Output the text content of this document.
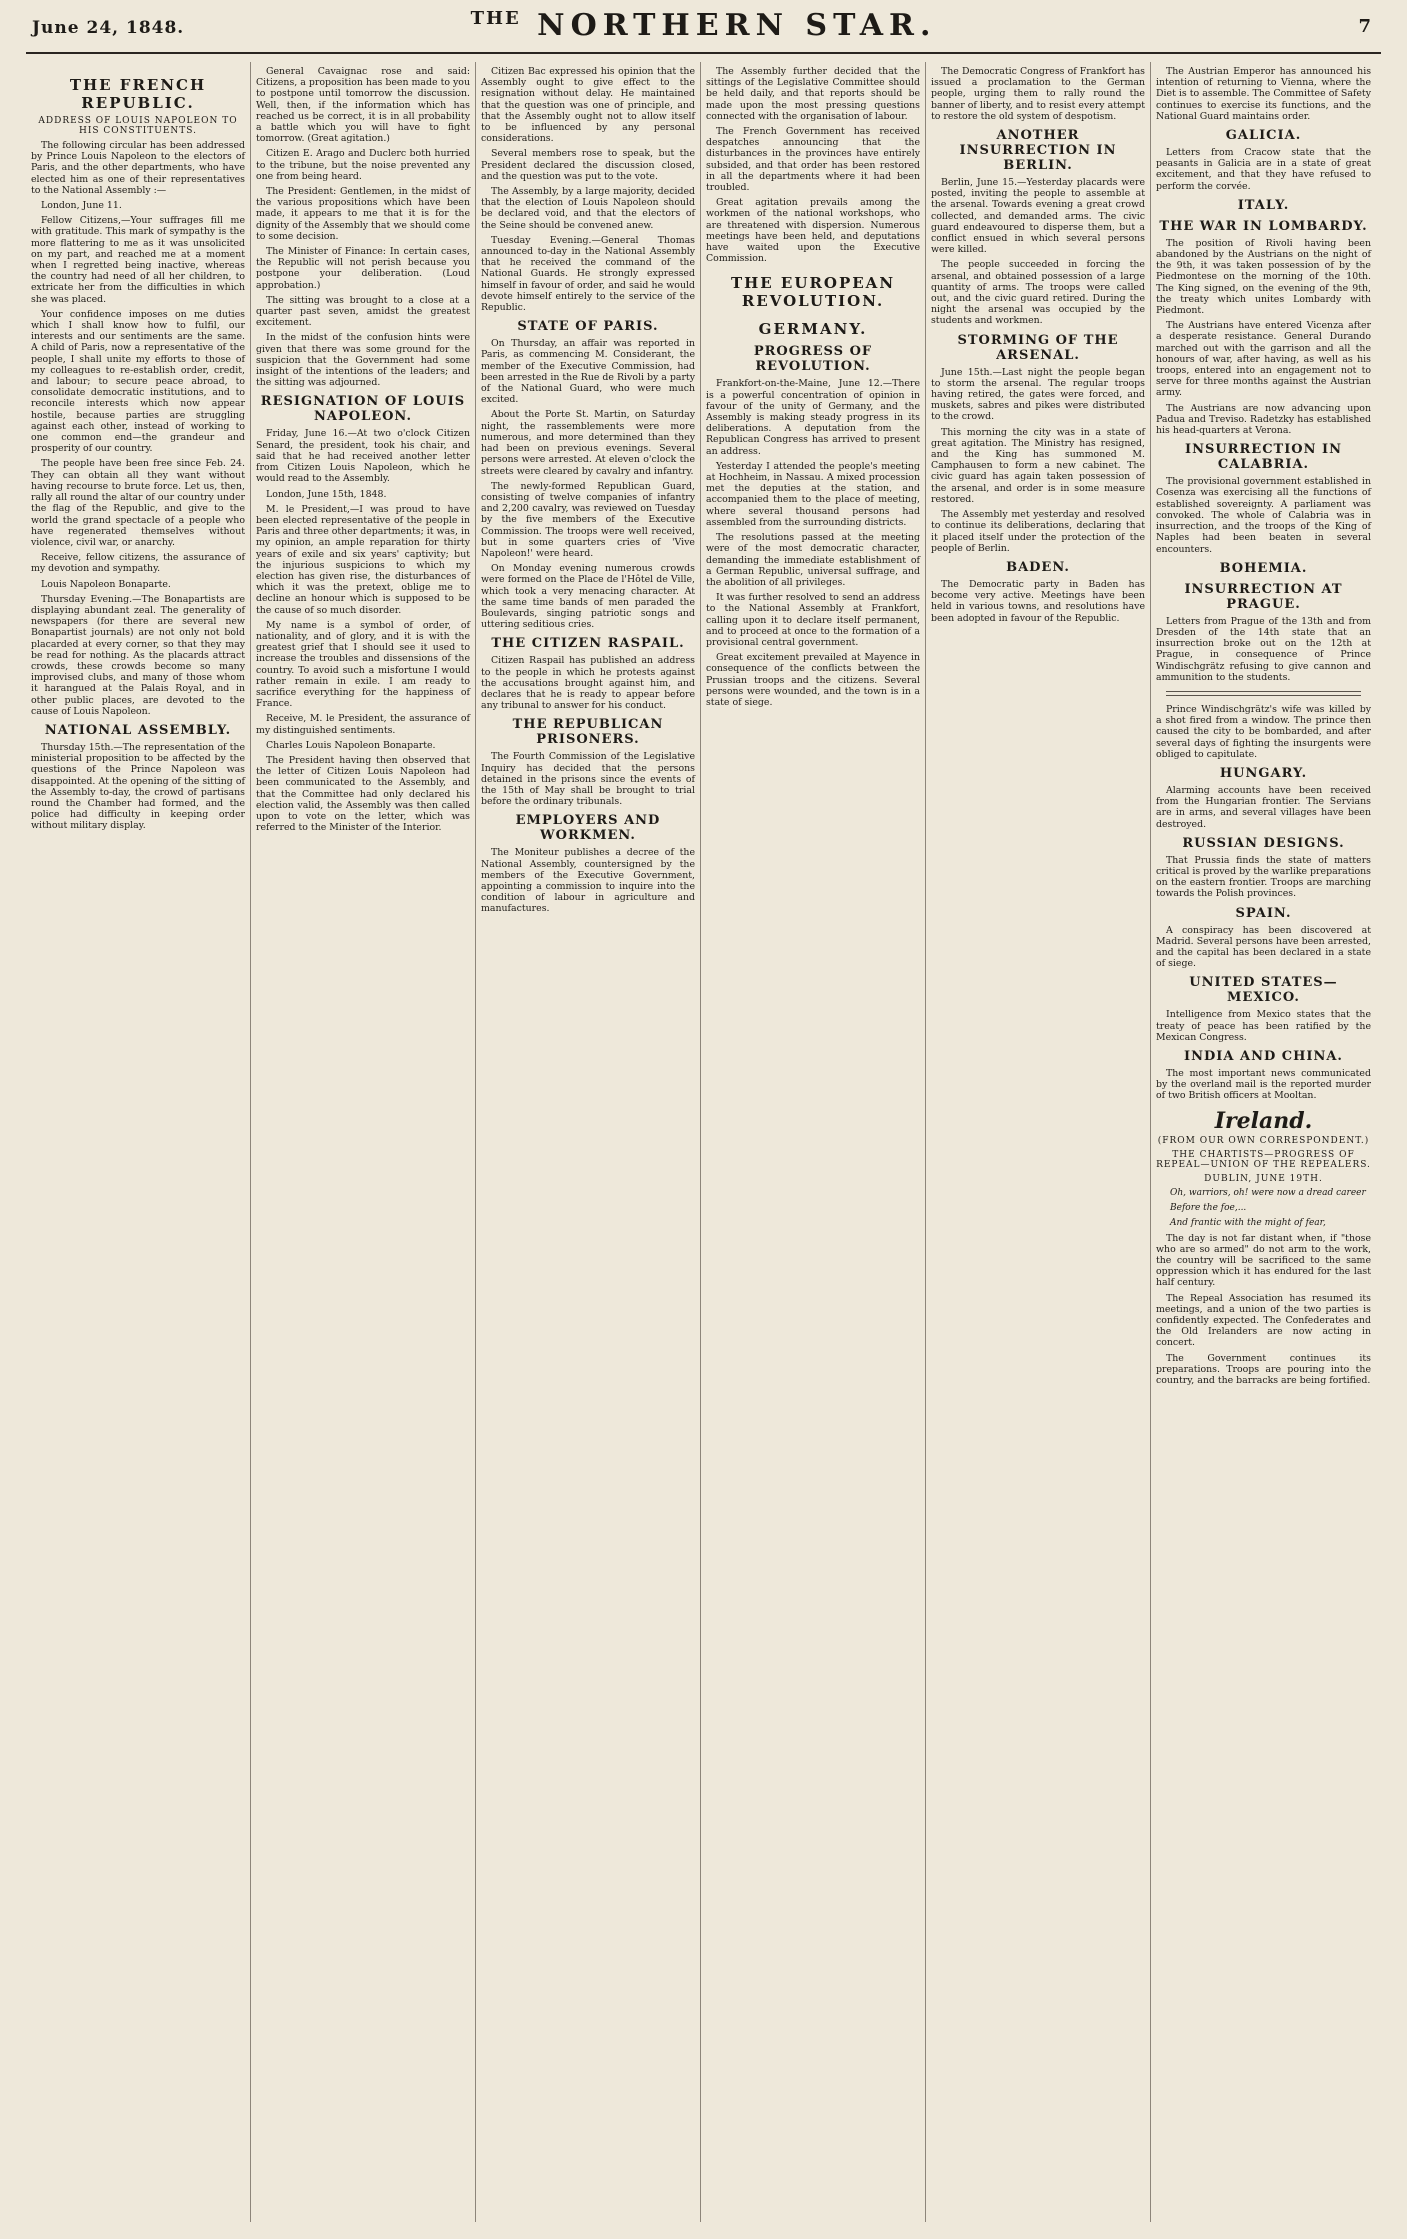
June 24, 1848.	$^{THE}$ NORTHERN STAR.	7
THE FRENCH REPUBLIC.
ADDRESS OF LOUIS NAPOLEON TO HIS CONSTITUENTS.

The following circular has been addressed by Prince Louis Napoleon to the electors of Paris, and the other departments, who have elected him as one of their representatives to the National Assembly :—

London, June 11.

Fellow Citizens,—Your suffrages fill me with gratitude. This mark of sympathy is the more flattering to me as it was unsolicited on my part, and reached me at a moment when I regretted being inactive, whereas the country had need of all her children, to extricate her from the difficulties in which she was placed.

Your confidence imposes on me duties which I shall know how to fulfil, our interests and our sentiments are the same. A child of Paris, now a representative of the people, I shall unite my efforts to those of my colleagues to re-establish order, credit, and labour; to secure peace abroad, to consolidate democratic institutions, and to reconcile interests which now appear hostile, because parties are struggling against each other, instead of working to one common end—the grandeur and prosperity of our country.

The people have been free since Feb. 24. They can obtain all they want without having recourse to brute force. Let us, then, rally all round the altar of our country under the flag of the Republic, and give to the world the grand spectacle of a people who have regenerated themselves without violence, civil war, or anarchy.

Receive, fellow citizens, the assurance of my devotion and sympathy.

Louis Napoleon Bonaparte.

Thursday Evening.—The Bonapartists are displaying abundant zeal. The generality of newspapers (for there are several new Bonapartist journals) are not only not bold placarded at every corner, so that they may be read for nothing. As the placards attract crowds, these crowds become so many improvised clubs, and many of those whom it harangued at the Palais Royal, and in other public places, are devoted to the cause of Louis Napoleon.

NATIONAL ASSEMBLY.

Thursday 15th.—The representation of the ministerial proposition to be affected by the questions of the Prince Napoleon was disappointed. At the opening of the sitting of the Assembly to-day, the crowd of partisans round the Chamber had formed, and the police had difficulty in keeping order without military display.

General Cavaignac rose and said: Citizens, a proposition has been made to you to postpone until tomorrow the discussion. Well, then, if the information which has reached us be correct, it is in all probability a battle which you will have to fight tomorrow. (Great agitation.)

Citizen E. Arago and Duclerc both hurried to the tribune, but the noise prevented any one from being heard.

The President: Gentlemen, in the midst of the various propositions which have been made, it appears to me that it is for the dignity of the Assembly that we should come to some decision.

The Minister of Finance: In certain cases, the Republic will not perish because you postpone your deliberation. (Loud approbation.)

The sitting was brought to a close at a quarter past seven, amidst the greatest excitement.

In the midst of the confusion hints were given that there was some ground for the suspicion that the Government had some insight of the intentions of the leaders; and the sitting was adjourned.

RESIGNATION OF LOUIS NAPOLEON.

Friday, June 16.—At two o'clock Citizen Senard, the president, took his chair, and said that he had received another letter from Citizen Louis Napoleon, which he would read to the Assembly.

London, June 15th, 1848.

M. le President,—I was proud to have been elected representative of the people in Paris and three other departments; it was, in my opinion, an ample reparation for thirty years of exile and six years' captivity; but the injurious suspicions to which my election has given rise, the disturbances of which it was the pretext, oblige me to decline an honour which is supposed to be the cause of so much disorder.

My name is a symbol of order, of nationality, and of glory, and it is with the greatest grief that I should see it used to increase the troubles and dissensions of the country. To avoid such a misfortune I would rather remain in exile. I am ready to sacrifice everything for the happiness of France.

Receive, M. le President, the assurance of my distinguished sentiments.

Charles Louis Napoleon Bonaparte.

The President having then observed that the letter of Citizen Louis Napoleon had been communicated to the Assembly, and that the Committee had only declared his election valid, the Assembly was then called upon to vote on the letter, which was referred to the Minister of the Interior.

Citizen Bac expressed his opinion that the Assembly ought to give effect to the resignation without delay. He maintained that the question was one of principle, and that the Assembly ought not to allow itself to be influenced by any personal considerations.

Several members rose to speak, but the President declared the discussion closed, and the question was put to the vote.

The Assembly, by a large majority, decided that the election of Louis Napoleon should be declared void, and that the electors of the Seine should be convened anew.

Tuesday Evening.—General Thomas announced to-day in the National Assembly that he received the command of the National Guards. He strongly expressed himself in favour of order, and said he would devote himself entirely to the service of the Republic.

STATE OF PARIS.

On Thursday, an affair was reported in Paris, as commencing M. Considerant, the member of the Executive Commission, had been arrested in the Rue de Rivoli by a party of the National Guard, who were much excited.

About the Porte St. Martin, on Saturday night, the rassemblements were more numerous, and more determined than they had been on previous evenings. Several persons were arrested. At eleven o'clock the streets were cleared by cavalry and infantry.

The newly-formed Republican Guard, consisting of twelve companies of infantry and 2,200 cavalry, was reviewed on Tuesday by the five members of the Executive Commission. The troops were well received, but in some quarters cries of 'Vive Napoleon!' were heard.

On Monday evening numerous crowds were formed on the Place de l'Hôtel de Ville, which took a very menacing character. At the same time bands of men paraded the Boulevards, singing patriotic songs and uttering seditious cries.

THE CITIZEN RASPAIL.

Citizen Raspail has published an address to the people in which he protests against the accusations brought against him, and declares that he is ready to appear before any tribunal to answer for his conduct.

THE REPUBLICAN PRISONERS.

The Fourth Commission of the Legislative Inquiry has decided that the persons detained in the prisons since the events of the 15th of May shall be brought to trial before the ordinary tribunals.

EMPLOYERS AND WORKMEN.

The Moniteur publishes a decree of the National Assembly, countersigned by the members of the Executive Government, appointing a commission to inquire into the condition of labour in agriculture and manufactures.

The Assembly further decided that the sittings of the Legislative Committee should be held daily, and that reports should be made upon the most pressing questions connected with the organisation of labour.

The French Government has received despatches announcing that the disturbances in the provinces have entirely subsided, and that order has been restored in all the departments where it had been troubled.

Great agitation prevails among the workmen of the national workshops, who are threatened with dispersion. Numerous meetings have been held, and deputations have waited upon the Executive Commission.

THE EUROPEAN REVOLUTION.
GERMANY.
PROGRESS OF REVOLUTION.

Frankfort-on-the-Maine, June 12.—There is a powerful concentration of opinion in favour of the unity of Germany, and the Assembly is making steady progress in its deliberations. A deputation from the Republican Congress has arrived to present an address.

Yesterday I attended the people's meeting at Hochheim, in Nassau. A mixed procession met the deputies at the station, and accompanied them to the place of meeting, where several thousand persons had assembled from the surrounding districts.

The resolutions passed at the meeting were of the most democratic character, demanding the immediate establishment of a German Republic, universal suffrage, and the abolition of all privileges.

It was further resolved to send an address to the National Assembly at Frankfort, calling upon it to declare itself permanent, and to proceed at once to the formation of a provisional central government.

Great excitement prevailed at Mayence in consequence of the conflicts between the Prussian troops and the citizens. Several persons were wounded, and the town is in a state of siege.

The Democratic Congress of Frankfort has issued a proclamation to the German people, urging them to rally round the banner of liberty, and to resist every attempt to restore the old system of despotism.

ANOTHER INSURRECTION IN BERLIN.

Berlin, June 15.—Yesterday placards were posted, inviting the people to assemble at the arsenal. Towards evening a great crowd collected, and demanded arms. The civic guard endeavoured to disperse them, but a conflict ensued in which several persons were killed.

The people succeeded in forcing the arsenal, and obtained possession of a large quantity of arms. The troops were called out, and the civic guard retired. During the night the arsenal was occupied by the students and workmen.

STORMING OF THE ARSENAL.

June 15th.—Last night the people began to storm the arsenal. The regular troops having retired, the gates were forced, and muskets, sabres and pikes were distributed to the crowd.

This morning the city was in a state of great agitation. The Ministry has resigned, and the King has summoned M. Camphausen to form a new cabinet. The civic guard has again taken possession of the arsenal, and order is in some measure restored.

The Assembly met yesterday and resolved to continue its deliberations, declaring that it placed itself under the protection of the people of Berlin.

BADEN.

The Democratic party in Baden has become very active. Meetings have been held in various towns, and resolutions have been adopted in favour of the Republic.

The Austrian Emperor has announced his intention of returning to Vienna, where the Diet is to assemble. The Committee of Safety continues to exercise its functions, and the National Guard maintains order.

GALICIA.

Letters from Cracow state that the peasants in Galicia are in a state of great excitement, and that they have refused to perform the corvée.

ITALY.
THE WAR IN LOMBARDY.

The position of Rivoli having been abandoned by the Austrians on the night of the 9th, it was taken possession of by the Piedmontese on the morning of the 10th. The King signed, on the evening of the 9th, the treaty which unites Lombardy with Piedmont.

The Austrians have entered Vicenza after a desperate resistance. General Durando marched out with the garrison and all the honours of war, after having, as well as his troops, entered into an engagement not to serve for three months against the Austrian army.

The Austrians are now advancing upon Padua and Treviso. Radetzky has established his head-quarters at Verona.

INSURRECTION IN CALABRIA.

The provisional government established in Cosenza was exercising all the functions of established sovereignty. A parliament was convoked. The whole of Calabria was in insurrection, and the troops of the King of Naples had been beaten in several encounters.

BOHEMIA.
INSURRECTION AT PRAGUE.

Letters from Prague of the 13th and from Dresden of the 14th state that an insurrection broke out on the 12th at Prague, in consequence of Prince Windischgrätz refusing to give cannon and ammunition to the students.

Prince Windischgrätz's wife was killed by a shot fired from a window. The prince then caused the city to be bombarded, and after several days of fighting the insurgents were obliged to capitulate.

HUNGARY.

Alarming accounts have been received from the Hungarian frontier. The Servians are in arms, and several villages have been destroyed.

RUSSIAN DESIGNS.

That Prussia finds the state of matters critical is proved by the warlike preparations on the eastern frontier. Troops are marching towards the Polish provinces.

SPAIN.

A conspiracy has been discovered at Madrid. Several persons have been arrested, and the capital has been declared in a state of siege.

UNITED STATES—MEXICO.

Intelligence from Mexico states that the treaty of peace has been ratified by the Mexican Congress.

INDIA AND CHINA.

The most important news communicated by the overland mail is the reported murder of two British officers at Mooltan.

Ireland.
(FROM OUR OWN CORRESPONDENT.)
THE CHARTISTS—PROGRESS OF REPEAL—UNION OF THE REPEALERS.
DUBLIN, JUNE 19TH.
Oh, warriors, oh! were now a dread career
Before the foe,...
And frantic with the might of fear,

The day is not far distant when, if "those who are so armed" do not arm to the work, the country will be sacrificed to the same oppression which it has endured for the last half century.

The Repeal Association has resumed its meetings, and a union of the two parties is confidently expected. The Confederates and the Old Irelanders are now acting in concert.

The Government continues its preparations. Troops are pouring into the country, and the barracks are being fortified.
